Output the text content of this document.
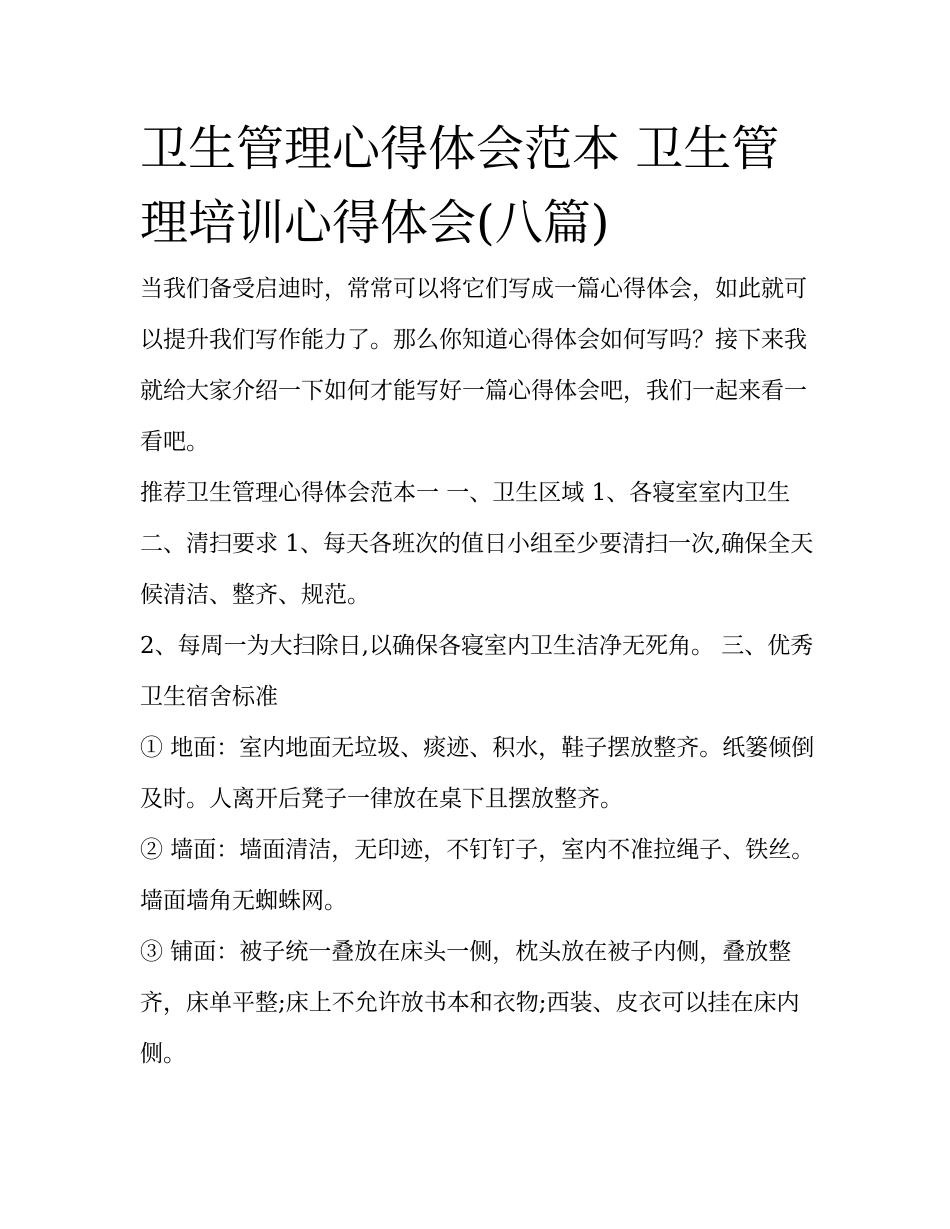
卫生管理心得体会范本 卫生管理培训心得体会(八篇)

当我们备受启迪时，常常可以将它们写成一篇心得体会，如此就可以提升我们写作能力了。那么你知道心得体会如何写吗？接下来我就给大家介绍一下如何才能写好一篇心得体会吧，我们一起来看一看吧。

推荐卫生管理心得体会范本一 一、卫生区域 1、各寝室室内卫生 二、清扫要求 1、每天各班次的值日小组至少要清扫一次,确保全天候清洁、整齐、规范。

2、每周一为大扫除日,以确保各寝室内卫生洁净无死角。 三、优秀卫生宿舍标准

① 地面：室内地面无垃圾、痰迹、积水，鞋子摆放整齐。纸篓倾倒及时。人离开后凳子一律放在桌下且摆放整齐。

② 墙面：墙面清洁，无印迹，不钉钉子，室内不准拉绳子、铁丝。墙面墙角无蜘蛛网。

③ 铺面：被子统一叠放在床头一侧，枕头放在被子内侧，叠放整齐，床单平整;床上不允许放书本和衣物;西装、皮衣可以挂在床内侧。
